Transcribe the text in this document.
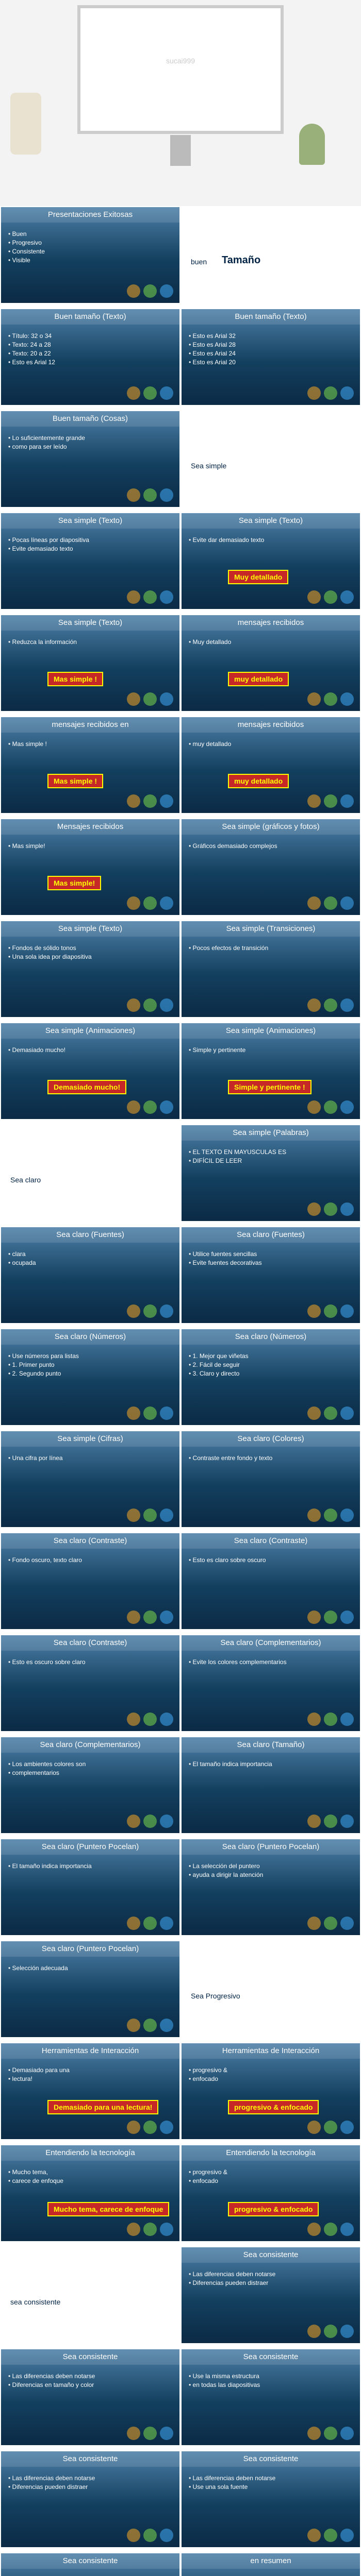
sucai999
Presentaciones Exitosas
• Buen
• Progresivo
• Consistente
• Visible	buen Tamaño
Buen tamaño (Texto)
• Título: 32 o 34
• Texto: 24 a 28
• Texto: 20 a 22
• Esto es Arial 12
Buen tamaño (Texto)
• Esto es Arial 32
• Esto es Arial 28
• Esto es Arial 24
• Esto es Arial 20
Buen tamaño (Cosas)
• Lo suficientemente grande
• como para ser leído
Sea simple
Sea simple (Texto)
• Pocas líneas por diapositiva
• Evite demasiado texto
Sea simple (Texto)
• Evite dar demasiado texto
Muy detallado
Sea simple (Texto)
• Reduzca la información
Mas simple !
mensajes recibidos
• Muy detallado
muy detallado
mensajes recibidos en
• Mas simple !
Mas simple !
mensajes recibidos
• muy detallado
muy detallado
Mensajes recibidos
• Mas simple!
Mas simple!
Sea simple (gráficos y fotos)
• Gráficos demasiado complejos
Sea simple (Texto)
• Fondos de sólido tonos
• Una sola idea por diapositiva
Sea simple (Transiciones)
• Pocos efectos de transición
Sea simple (Animaciones)
• Demasiado mucho!
Demasiado mucho!
Sea simple (Animaciones)
• Simple y pertinente
Simple y pertinente !
Sea claro
Sea simple (Palabras)
• EL TEXTO EN MAYUSCULAS ES
• DIFÍCIL DE LEER
Sea claro (Fuentes)
• clara
• ocupada
Sea claro (Fuentes)
• Utilice fuentes sencillas
• Evite fuentes decorativas
Sea claro (Números)
• Use números para listas
• 1. Primer punto
• 2. Segundo punto
Sea claro (Números)
• 1. Mejor que viñetas
• 2. Fácil de seguir
• 3. Claro y directo
Sea simple (Cifras)
• Una cifra por línea
Sea claro (Colores)
• Contraste entre fondo y texto
Sea claro (Contraste)
• Fondo oscuro, texto claro
Sea claro (Contraste)
• Esto es claro sobre oscuro
Sea claro (Contraste)
• Esto es oscuro sobre claro
Sea claro (Complementarios)
• Evite los colores complementarios
Sea claro (Complementarios)
• Los ambientes colores son
• complementarios
Sea claro (Tamaño)
• El tamaño indica importancia
Sea claro (Puntero Pocelan)
• El tamaño indica importancia
Sea claro (Puntero Pocelan)
• La selección del puntero
• ayuda a dirigir la atención
Sea claro (Puntero Pocelan)
• Selección adecuada
Sea Progresivo
Herramientas de Interacción
• Demasiado para una
• lectura!
Demasiado para una lectura!
Herramientas de Interacción
• progresivo &
• enfocado
progresivo & enfocado
Entendiendo la tecnología
• Mucho tema,
• carece de enfoque
Mucho tema, carece de enfoque
Entendiendo la tecnología
• progresivo &
• enfocado
progresivo & enfocado
sea consistente
Sea consistente
• Las diferencias deben notarse
• Diferencias pueden distraer
Sea consistente
• Las diferencias deben notarse
• Diferencias en tamaño y color
Sea consistente
• Use la misma estructura
• en todas las diapositivas
Sea consistente
• Las diferencias deben notarse
• Diferencias pueden distraer
Sea consistente
• Las diferencias deben notarse
• Use una sola fuente
Sea consistente	en resumen
